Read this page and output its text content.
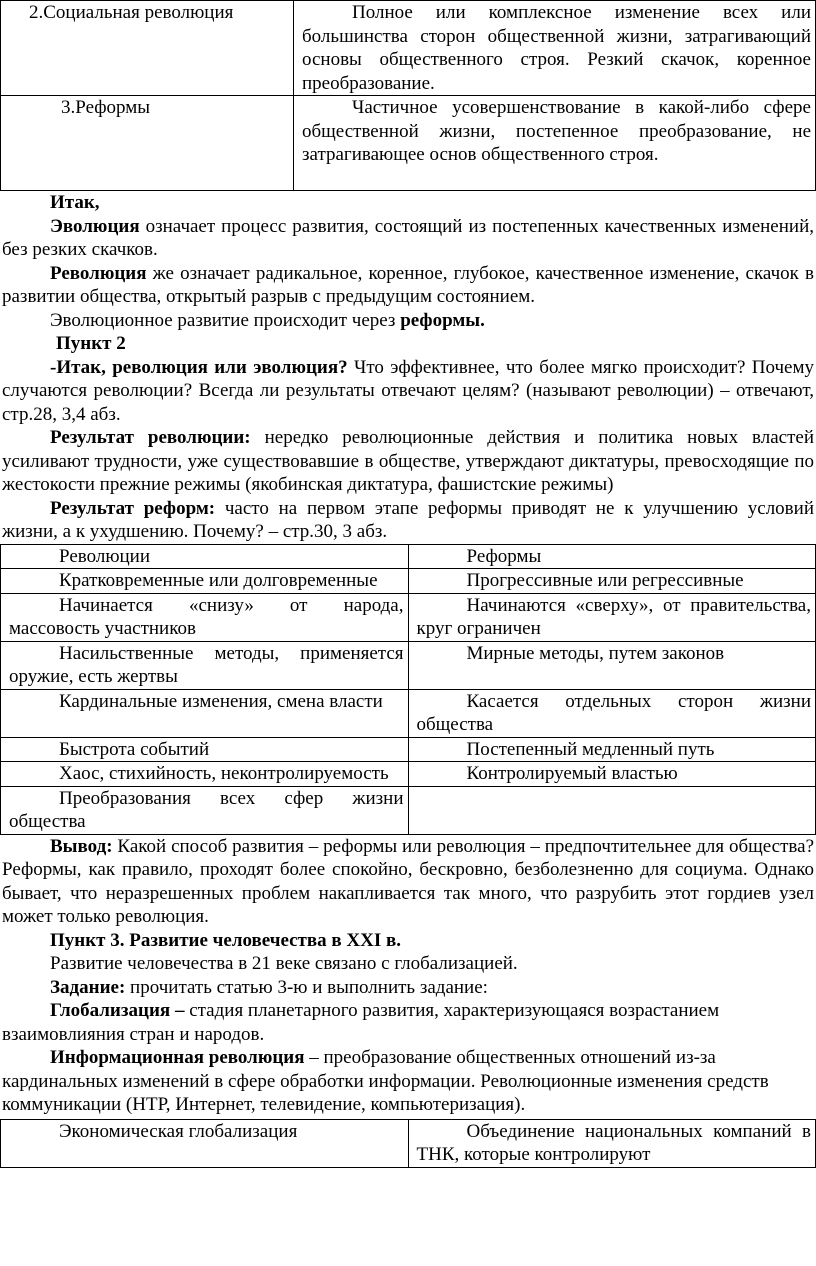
2.Социальная революция	Полное или комплексное изменение всех или большинства сторон общественной жизни, затрагивающий основы общественного строя. Резкий скачок, коренное преобразование.

3.Реформы	Частичное усовершенствование в какой-либо сфере общественной жизни, постепенное преобразование, не затрагивающее основ общественного строя.

Итак,

Эволюция означает процесс развития, состоящий из постепенных качественных изменений, без резких скачков.

Революция же означает радикальное, коренное, глубокое, качественное изменение, скачок в развитии общества, открытый разрыв с предыдущим состоянием.

Эволюционное развитие происходит через реформы.

Пункт 2

-Итак, революция или эволюция? Что эффективнее, что более мягко происходит? Почему случаются революции? Всегда ли результаты отвечают целям? (называют революции) – отвечают, стр.28, 3,4 абз.

Результат революции: нередко революционные действия и политика новых властей усиливают трудности, уже существовавшие в обществе, утверждают диктатуры, превосходящие по жестокости прежние режимы (якобинская диктатура, фашистские режимы)

Результат реформ: часто на первом этапе реформы приводят не к улучшению условий жизни, а к ухудшению. Почему? – стр.30, 3 абз.

Революции	Реформы

Кратковременные или долговременные	Прогрессивные или регрессивные

Начинается «снизу» от народа, массовость участников	Начинаются «сверху», от правительства, круг ограничен

Насильственные методы, применяется оружие, есть жертвы	Мирные методы, путем законов

Кардинальные изменения, смена власти	Касается отдельных сторон жизни общества

Быстрота событий	Постепенный медленный путь

Хаос, стихийность, неконтролируемость	Контролируемый властью

Преобразования всех сфер жизни общества	

Вывод: Какой способ развития – реформы или революция – предпочтительнее для общества? Реформы, как правило, проходят более спокойно, бескровно, безболезненно для социума. Однако бывает, что неразрешенных проблем накапливается так много, что разрубить этот гордиев узел может только революция.

Пункт 3. Развитие человечества в XXI в.

Развитие человечества в 21 веке связано с глобализацией.

Задание: прочитать статью 3-ю и выполнить задание:

Глобализация – стадия планетарного развития, характеризующаяся возрастанием взаимовлияния стран и народов.

Информационная революция – преобразование общественных отношений из-за кардинальных изменений в сфере обработки информации. Революционные изменения средств коммуникации (НТР, Интернет, телевидение, компьютеризация).

Экономическая глобализация	Объединение национальных компаний в ТНК, которые контролируют
